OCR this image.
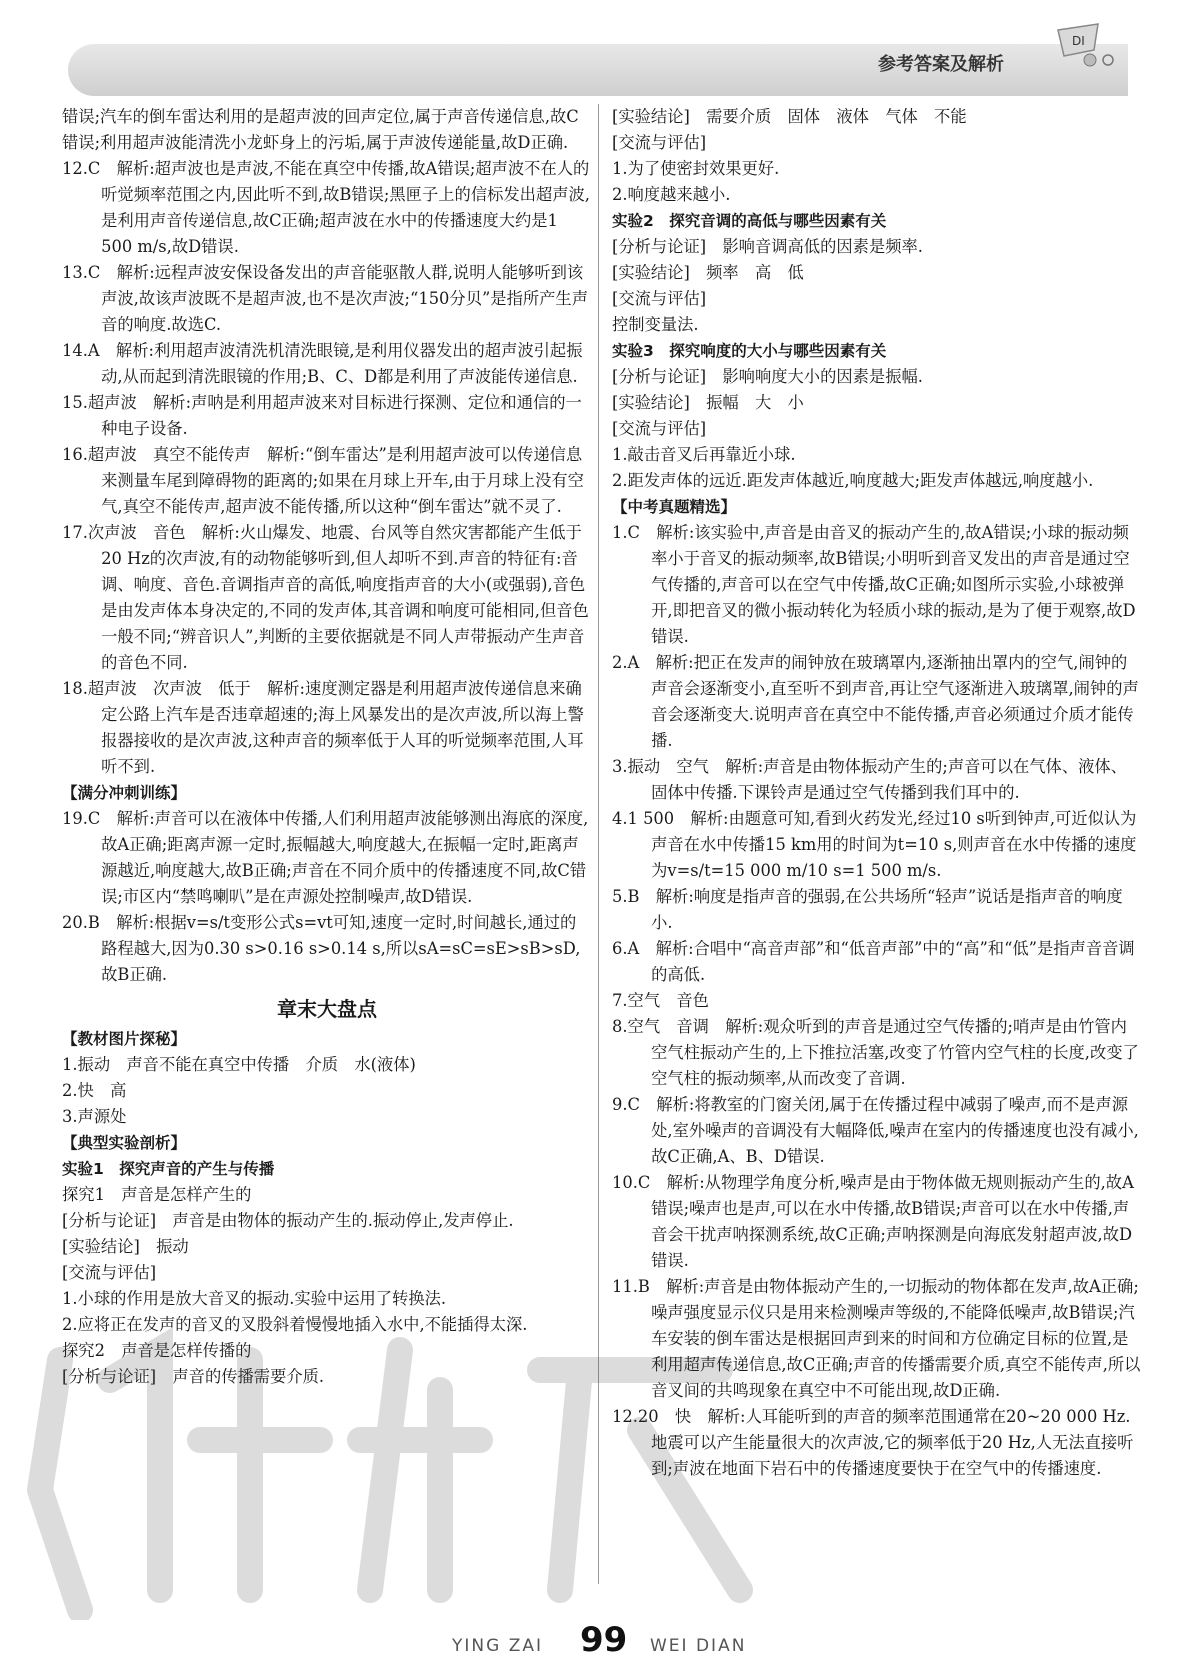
参考答案及解析
DI

错误;汽车的倒车雷达利用的是超声波的回声定位,属于声音传递信息,故C错误;利用超声波能清洗小龙虾身上的污垢,属于声波传递能量,故D正确.

12.C　解析:超声波也是声波,不能在真空中传播,故A错误;超声波不在人的听觉频率范围之内,因此听不到,故B错误;黑匣子上的信标发出超声波,是利用声音传递信息,故C正确;超声波在水中的传播速度大约是1 500 m/s,故D错误.

13.C　解析:远程声波安保设备发出的声音能驱散人群,说明人能够听到该声波,故该声波既不是超声波,也不是次声波;“150分贝”是指所产生声音的响度.故选C.

14.A　解析:利用超声波清洗机清洗眼镜,是利用仪器发出的超声波引起振动,从而起到清洗眼镜的作用;B、C、D都是利用了声波能传递信息.

15.超声波　解析:声呐是利用超声波来对目标进行探测、定位和通信的一种电子设备.

16.超声波　真空不能传声　解析:“倒车雷达”是利用超声波可以传递信息来测量车尾到障碍物的距离的;如果在月球上开车,由于月球上没有空气,真空不能传声,超声波不能传播,所以这种“倒车雷达”就不灵了.

17.次声波　音色　解析:火山爆发、地震、台风等自然灾害都能产生低于20 Hz的次声波,有的动物能够听到,但人却听不到.声音的特征有:音调、响度、音色.音调指声音的高低,响度指声音的大小(或强弱),音色是由发声体本身决定的,不同的发声体,其音调和响度可能相同,但音色一般不同;“辨音识人”,判断的主要依据就是不同人声带振动产生声音的音色不同.

18.超声波　次声波　低于　解析:速度测定器是利用超声波传递信息来确定公路上汽车是否违章超速的;海上风暴发出的是次声波,所以海上警报器接收的是次声波,这种声音的频率低于人耳的听觉频率范围,人耳听不到.

【满分冲刺训练】

19.C　解析:声音可以在液体中传播,人们利用超声波能够测出海底的深度,故A正确;距离声源一定时,振幅越大,响度越大,在振幅一定时,距离声源越近,响度越大,故B正确;声音在不同介质中的传播速度不同,故C错误;市区内“禁鸣喇叭”是在声源处控制噪声,故D错误.

20.B　解析:根据v=s/t变形公式s=vt可知,速度一定时,时间越长,通过的路程越大,因为0.30 s>0.16 s>0.14 s,所以sA=sC=sE>sB>sD,故B正确.

章末大盘点

【教材图片探秘】

1.振动　声音不能在真空中传播　介质　水(液体)

2.快　高

3.声源处

【典型实验剖析】

实验1　探究声音的产生与传播

探究1　声音是怎样产生的

[分析与论证]　声音是由物体的振动产生的.振动停止,发声停止.

[实验结论]　振动

[交流与评估]

1.小球的作用是放大音叉的振动.实验中运用了转换法.

2.应将正在发声的音叉的叉股斜着慢慢地插入水中,不能插得太深.

探究2　声音是怎样传播的

[分析与论证]　声音的传播需要介质.

[实验结论]　需要介质　固体　液体　气体　不能

[交流与评估]

1.为了使密封效果更好.

2.响度越来越小.

实验2　探究音调的高低与哪些因素有关

[分析与论证]　影响音调高低的因素是频率.

[实验结论]　频率　高　低

[交流与评估]

控制变量法.

实验3　探究响度的大小与哪些因素有关

[分析与论证]　影响响度大小的因素是振幅.

[实验结论]　振幅　大　小

[交流与评估]

1.敲击音叉后再靠近小球.

2.距发声体的远近.距发声体越近,响度越大;距发声体越远,响度越小.

【中考真题精选】

1.C　解析:该实验中,声音是由音叉的振动产生的,故A错误;小球的振动频率小于音叉的振动频率,故B错误;小明听到音叉发出的声音是通过空气传播的,声音可以在空气中传播,故C正确;如图所示实验,小球被弹开,即把音叉的微小振动转化为轻质小球的振动,是为了便于观察,故D错误.

2.A　解析:把正在发声的闹钟放在玻璃罩内,逐渐抽出罩内的空气,闹钟的声音会逐渐变小,直至听不到声音,再让空气逐渐进入玻璃罩,闹钟的声音会逐渐变大.说明声音在真空中不能传播,声音必须通过介质才能传播.

3.振动　空气　解析:声音是由物体振动产生的;声音可以在气体、液体、固体中传播.下课铃声是通过空气传播到我们耳中的.

4.1 500　解析:由题意可知,看到火药发光,经过10 s听到钟声,可近似认为声音在水中传播15 km用的时间为t=10 s,则声音在水中传播的速度为v=s/t=15 000 m/10 s=1 500 m/s.

5.B　解析:响度是指声音的强弱,在公共场所“轻声”说话是指声音的响度小.

6.A　解析:合唱中“高音声部”和“低音声部”中的“高”和“低”是指声音音调的高低.

7.空气　音色

8.空气　音调　解析:观众听到的声音是通过空气传播的;哨声是由竹管内空气柱振动产生的,上下推拉活塞,改变了竹管内空气柱的长度,改变了空气柱的振动频率,从而改变了音调.

9.C　解析:将教室的门窗关闭,属于在传播过程中减弱了噪声,而不是声源处,室外噪声的音调没有大幅降低,噪声在室内的传播速度也没有减小,故C正确,A、B、D错误.

10.C　解析:从物理学角度分析,噪声是由于物体做无规则振动产生的,故A错误;噪声也是声,可以在水中传播,故B错误;声音可以在水中传播,声音会干扰声呐探测系统,故C正确;声呐探测是向海底发射超声波,故D错误.

11.B　解析:声音是由物体振动产生的,一切振动的物体都在发声,故A正确;噪声强度显示仪只是用来检测噪声等级的,不能降低噪声,故B错误;汽车安装的倒车雷达是根据回声到来的时间和方位确定目标的位置,是利用超声传递信息,故C正确;声音的传播需要介质,真空不能传声,所以音叉间的共鸣现象在真空中不可能出现,故D正确.

12.20　快　解析:人耳能听到的声音的频率范围通常在20~20 000 Hz.地震可以产生能量很大的次声波,它的频率低于20 Hz,人无法直接听到;声波在地面下岩石中的传播速度要快于在空气中的传播速度.

YING ZAI 99 WEI DIAN
